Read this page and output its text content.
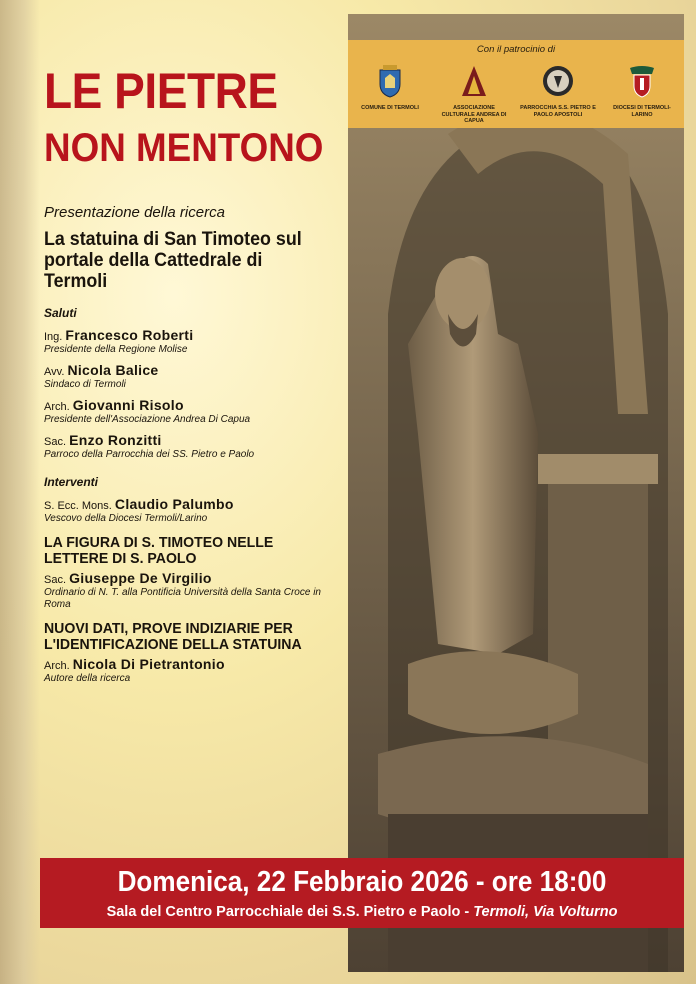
Con il patrocinio di
COMUNE DI TERMOLI	ASSOCIAZIONE CULTURALE ANDREA DI CAPUA
PARROCCHIA S.S. PIETRO E PAOLO APOSTOLI
DIOCESI DI TERMOLI-LARINO
LE PIETRE
NON MENTONO
Presentazione della ricerca
La statuina di San Timoteo sul portale della Cattedrale di Termoli
Saluti
Ing. Francesco Roberti
Presidente della Regione Molise
Avv. Nicola Balice
Sindaco di Termoli
Arch. Giovanni Risolo
Presidente dell'Associazione Andrea Di Capua
Sac. Enzo Ronzitti
Parroco della Parrocchia dei SS. Pietro e Paolo
Interventi
S. Ecc. Mons. Claudio Palumbo
Vescovo della Diocesi Termoli/Larino
LA FIGURA DI S. TIMOTEO NELLE LETTERE DI S. PAOLO
Sac. Giuseppe De Virgilio
Ordinario di N. T. alla Pontificia Università della Santa Croce in Roma
NUOVI DATI, PROVE INDIZIARIE PER L'IDENTIFICAZIONE DELLA STATUINA
Arch. Nicola Di Pietrantonio
Autore della ricerca
Domenica, 22 Febbraio 2026 - ore 18:00
Sala del Centro Parrocchiale dei S.S. Pietro e Paolo - Termoli, Via Volturno
